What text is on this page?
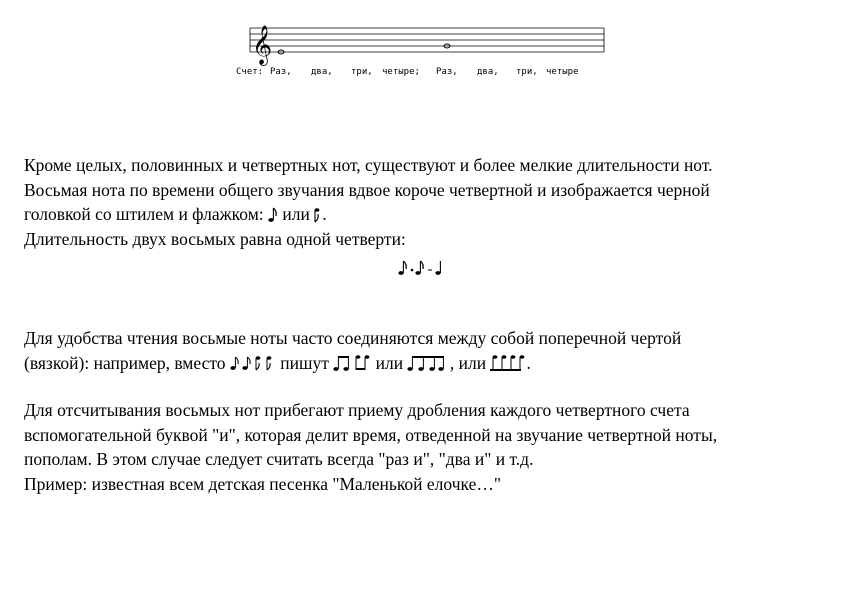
𝄞
Счет: Раз, два, три, четыре; Раз, два, три, четыре

Кроме целых, половинных и четвертных нот, существуют и более мелкие длительности нот.
Восьмая нота по времени общего звучания вдвое короче четвертной и изображается черной
головкой со штилем и флажком:  или .
Длительность двух восьмых равна одной четверти:

Для удобства чтения восьмые ноты часто соединяются между собой поперечной чертой
(вязкой): например, вместо	пишут  или  , или .

Для отсчитывания восьмых нот прибегают приему дробления каждого четвертного счета
вспомогательной буквой "и", которая делит время, отведенной на звучание четвертной ноты,
пополам. В этом случае следует считать всегда "раз и", "два и" и т.д.
Пример: известная всем детская песенка "Маленькой елочке…"
